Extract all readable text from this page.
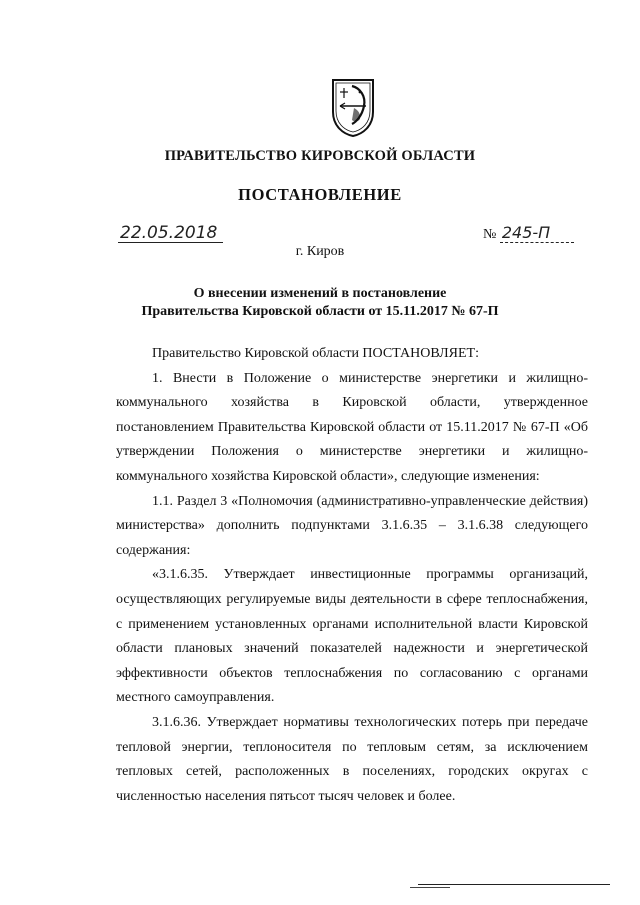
ПРАВИТЕЛЬСТВО КИРОВСКОЙ ОБЛАСТИ
ПОСТАНОВЛЕНИЕ
22.05.2018	№ 245-П
г. Киров
О внесении изменений в постановление
Правительства Кировской области от 15.11.2017 № 67-П

Правительство Кировской области ПОСТАНОВЛЯЕТ:

1. Внести в Положение о министерстве энергетики и жилищно-коммунального хозяйства в Кировской области, утвержденное постановлением Правительства Кировской области от 15.11.2017 № 67-П «Об утверждении Положения о министерстве энергетики и жилищно-коммунального хозяйства Кировской области», следующие изменения:

1.1. Раздел 3 «Полномочия (административно-управленческие действия) министерства» дополнить подпунктами 3.1.6.35 – 3.1.6.38 следующего содержания:

«3.1.6.35. Утверждает инвестиционные программы организаций, осуществляющих регулируемые виды деятельности в сфере теплоснабжения, с применением установленных органами исполнительной власти Кировской области плановых значений показателей надежности и энергетической эффективности объектов теплоснабжения по согласованию с органами местного самоуправления.

3.1.6.36. Утверждает нормативы технологических потерь при передаче тепловой энергии, теплоносителя по тепловым сетям, за исключением тепловых сетей, расположенных в поселениях, городских округах с численностью населения пятьсот тысяч человек и более.
